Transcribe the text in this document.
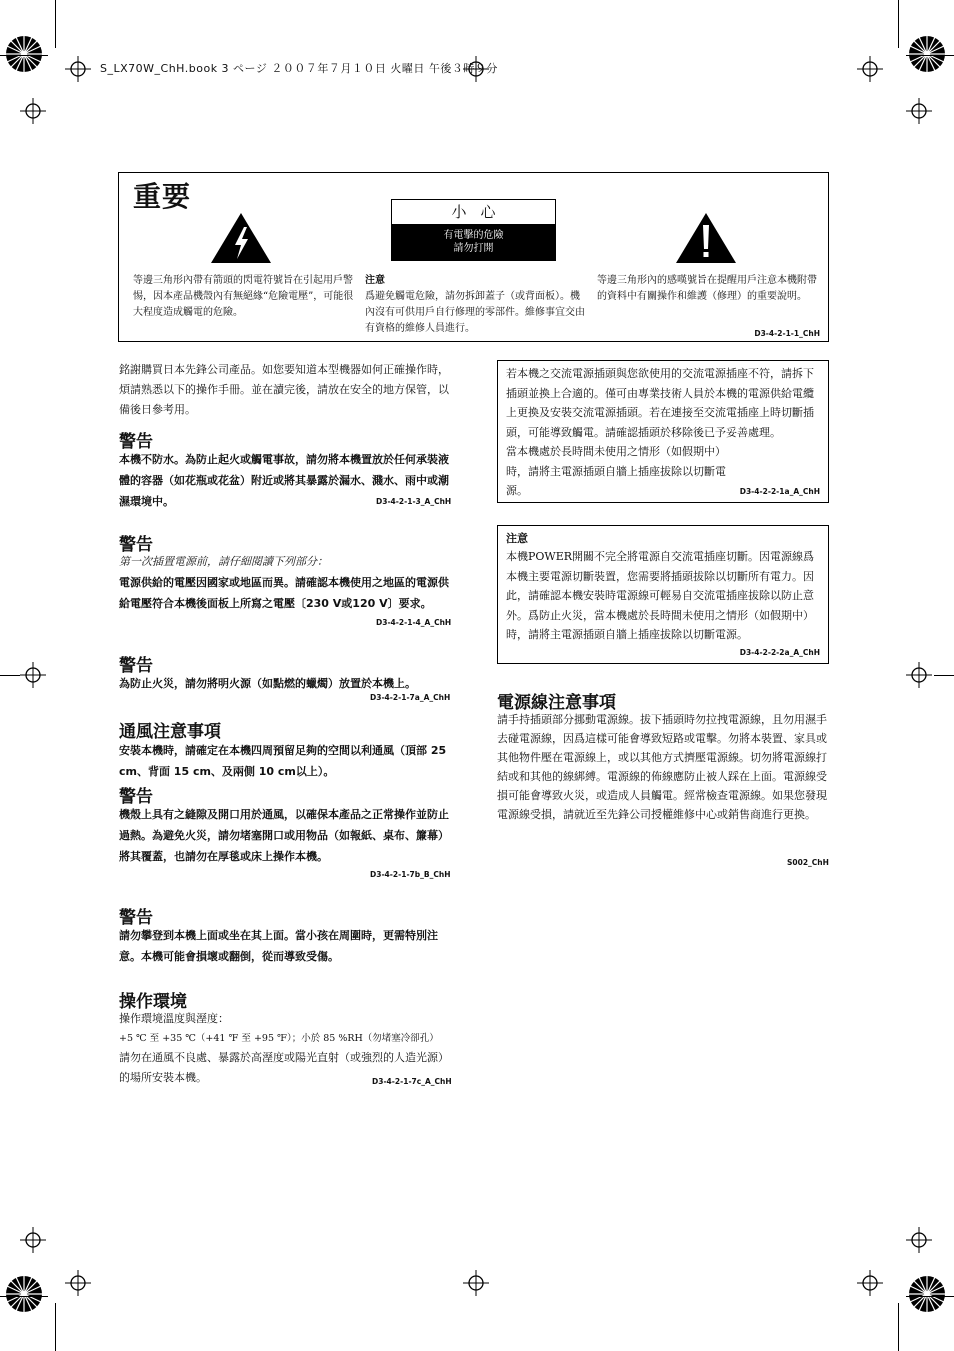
S_LX70W_ChH.book 3 ページ ２００７年７月１０日 火曜日 午後３時９分
重要	小心
有電擊的危險
請勿打開
等邊三角形內帶有箭頭的閃電符號旨在引起用戶警惕，因本產品機殼內有無絕緣“危險電壓”，可能很大程度造成觸電的危險。
注意
爲避免觸電危險，請勿拆卸蓋子（或背面板）。機內沒有可供用戶自行修理的零部件。維修事宜交由有資格的維修人員進行。
等邊三角形內的感嘆號旨在提醒用戶注意本機附帶的資料中有關操作和維護（修理）的重要說明。
D3-4-2-1-1_ChH
銘謝購買日本先鋒公司產品。如您要知道本型機器如何正確操作時，煩請熟悉以下的操作手冊。並在讀完後，請放在安全的地方保管，以備後日參考用。
警告
本機不防水。為防止起火或觸電事故，請勿將本機置放於任何承裝液體的容器（如花瓶或花盆）附近或將其暴露於漏水、濺水、雨中或潮濕環境中。	D3-4-2-1-3_A_ChH
警告
第一次插置電源前，請仔細閱讀下列部分：
電源供給的電壓因國家或地區而異。請確認本機使用之地區的電源供給電壓符合本機後面板上所寫之電壓〔230 V或120 V〕要求。
D3-4-2-1-4_A_ChH
警告
為防止火災，請勿將明火源（如點燃的蠟燭）放置於本機上。
D3-4-2-1-7a_A_ChH
通風注意事項
安裝本機時，請確定在本機四周預留足夠的空間以利通風（頂部 25 cm、背面 15 cm、及兩側 10 cm以上）。
警告
機殼上具有之縫隙及開口用於通風，以確保本產品之正常操作並防止過熱。為避免火災，請勿堵塞開口或用物品（如報紙、桌布、簾幕）將其覆蓋，也請勿在厚毯或床上操作本機。
D3-4-2-1-7b_B_ChH
警告
請勿攀登到本機上面或坐在其上面。當小孩在周圍時，更需特別注意。本機可能會損壞或翻倒，從而導致受傷。
操作環境
操作環境溫度與溼度：
+5 ℃ 至 +35 ℃（+41 ℉ 至 +95 ℉）；小於 85 %RH（勿堵塞冷卻孔）
請勿在通風不良處、暴露於高溼度或陽光直射（或強烈的人造光源）的場所安裝本機。	D3-4-2-1-7c_A_ChH
若本機之交流電源插頭與您欲使用的交流電源插座不符，請拆下插頭並換上合適的。僅可由專業技術人員於本機的電源供給電纜上更換及安裝交流電源插頭。若在連接至交流電插座上時切斷插頭，可能導致觸電。請確認插頭於移除後已予妥善處理。
當本機處於長時間未使用之情形（如假期中）時，請將主電源插頭自牆上插座拔除以切斷電源。	D3-4-2-2-1a_A_ChH
注意
本機POWER開關不完全將電源自交流電插座切斷。因電源線爲本機主要電源切斷裝置，您需要將插頭拔除以切斷所有電力。因此，請確認本機安裝時電源線可輕易自交流電插座拔除以防止意外。爲防止火災，當本機處於長時間未使用之情形（如假期中）時，請將主電源插頭自牆上插座拔除以切斷電源。
D3-4-2-2-2a_A_ChH
電源線注意事項
請手持插頭部分挪動電源線。拔下插頭時勿拉拽電源線，且勿用濕手去碰電源線，因爲這樣可能會導致短路或電擊。勿將本裝置、家具或其他物件壓在電源線上，或以其他方式擠壓電源線。切勿將電源線打結或和其他的線綁縛。電源線的佈線應防止被人踩在上面。電源線受損可能會導致火災，或造成人員觸電。經常檢查電源線。如果您發現電源線受損，請就近至先鋒公司授權維修中心或銷售商進行更換。
S002_ChH
